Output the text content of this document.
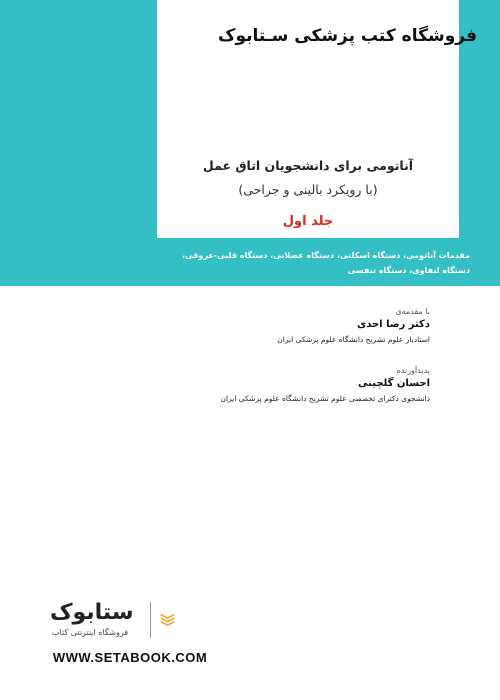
فروشگاه کتب پزشکی سـتابوک
آناتومی برای دانشجویان اتاق عمل
(با رویکرد بالینی و جراحی)
جلد اول
مقدمات آناتومی، دستگاه اسکلتی، دستگاه عضلانی، دستگاه قلبی-عروقی،
دستگاه لنفاوی، دستگاه تنفسی
با مقدمه‌ی
دکتر رضا احدی
استادیار علوم تشریح دانشگاه علوم پزشکی ایران
پدیدآورنده
احسان گلچینی
دانشجوی دکترای تخصصی علوم تشریح دانشگاه علوم پزشکی ایران
ستابوک
فروشگاه اینترنتی کتاب
WWW.SETABOOK.COM
